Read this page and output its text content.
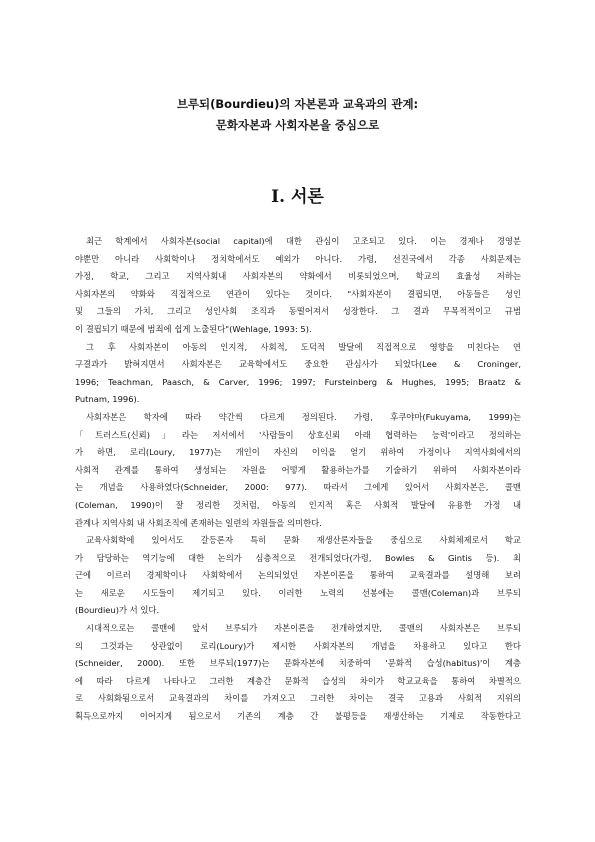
브루되(Bourdieu)의 자본론과 교육과의 관계:

문화자본과 사회자본을 중심으로

I. 서론
최근 학계에서 사회자본(social capital)에 대한 관심이 고조되고 있다. 이는 경제나 경영분
야뿐만 아니라 사회학이나 정치학에서도 예외가 아니다. 가령, 선진국에서 각종 사회문제는
가정, 학교, 그리고 지역사회내 사회자본의 약화에서 비롯되었으며, 학교의 효율성 저하는
사회자본의 약화와 직접적으로 연관이 있다는 것이다. "사회자본이 결핍되면, 아동들은 성인
및 그들의 가치, 그리고 성인사회 조직과 동떨어져서 성장한다. 그 결과 무목적적이고 규범
이 결핍되기 때문에 범죄에 쉽게 노출된다"(Wehlage, 1993: 5).
그 후 사회자본이 아동의 인지적, 사회적, 도덕적 발달에 직접적으로 영향을 미친다는 연
구결과가 밝혀지면서 사회자본은 교육학에서도 중요한 관심사가 되었다(Lee & Croninger,
1996; Teachman, Paasch, & Carver, 1996; 1997; Fursteinberg & Hughes, 1995; Braatz &
Putnam, 1996).
사회자본은 학자에 따라 약간씩 다르게 정의된다. 가령, 후쿠야마(Fukuyama, 1999)는
「트러스트(신뢰)」라는 저서에서 '사람들이 상호신뢰 아래 협력하는 능력'이라고 정의하는
가 하면, 로리(Loury, 1977)는 개인이 자신의 이익을 얻기 위하여 가정이나 지역사회에서의
사회적 관계를 통하여 생성되는 자원을 어떻게 활용하는가를 기술하기 위하여 사회자본이라
는 개념을 사용하였다(Schneider, 2000: 977). 따라서 그에게 있어서 사회자본은, 콜맨
(Coleman, 1990)이 잘 정리한 것처럼, 아동의 인지적 혹은 사회적 발달에 유용한 가정 내
관계나 지역사회 내 사회조직에 존재하는 일련의 자원들을 의미한다.
교육사회학에 있어서도 갈등론자 특히 문화 재생산론자들을 중심으로 사회체제로서 학교
가 담당하는 역기능에 대한 논의가 심층적으로 전개되었다(가령, Bowles & Gintis 등). 최
근에 이르러 경제학이나 사회학에서 논의되었던 자본이론을 통하여 교육결과를 설명해 보려
는 새로운 시도들이 제기되고 있다. 이러한 노력의 선봉에는 콜맨(Coleman)과 브루되
(Bourdieu)가 서 있다.
시대적으로는 콜맨에 앞서 브루되가 자본이론을 전개하였지만, 콜맨의 사회자본은 브루되
의 그것과는 상관없이 로리(Loury)가 제시한 사회자본의 개념을 차용하고 있다고 한다
(Schneider, 2000). 또한 브루되(1977)는 문화자본에 치중하여 '문화적 습성(habitus)'이 계층
에 따라 다르게 나타나고 그러한 계층간 문화적 습성의 차이가 학교교육을 통하여 차별적으
로 사회화됨으로서 교육결과의 차이를 가져오고 그러한 차이는 결국 고용과 사회적 지위의
획득으로까지 이어지게 됨으로서 기존의 계층 간 불평등을 재생산하는 기제로 작동한다고
